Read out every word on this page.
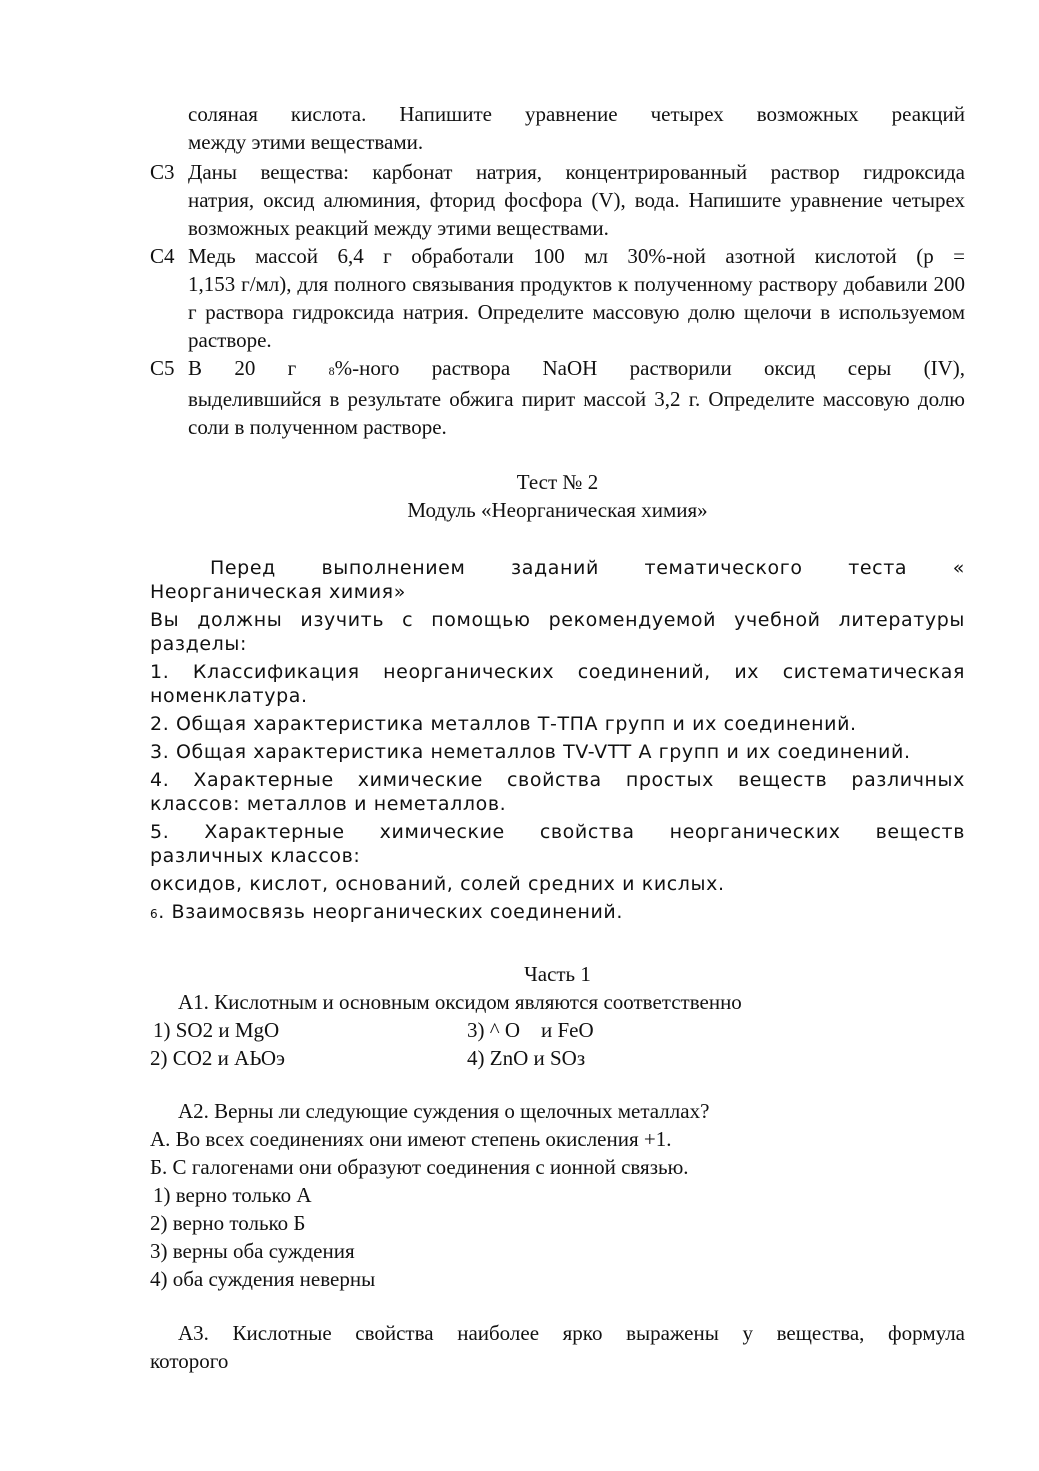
соляная кислота. Напишите уравнение четырех возможных реакций
между этими веществами.

C3 Даны вещества: карбонат натрия, концентрированный раствор гидроксида
натрия, оксид алюминия, фторид фосфора (V), вода. Напишите уравнение четырех возможных реакций между этими веществами.

C4 Медь массой 6,4 г обработали 100 мл 30%-ной азотной кислотой (р =
1,153 г/мл), для полного связывания продуктов к полученному раствору добавили 200 г раствора гидроксида натрия. Определите массовую долю щелочи в используемом растворе.

C5 В 20 г 8%-ного раствора NaOH растворили оксид серы (IV),
выделившийся в результате обжига пирит массой 3,2 г. Определите массовую долю соли в полученном растворе.

Тест № 2

Модуль «Неорганическая химия»

Перед выполнением заданий тематического теста «
Неорганическая химия»
Вы должны изучить с помощью рекомендуемой учебной литературы
разделы:
1. Классификация неорганических соединений, их систематическая
номенклатура.
2. Общая характеристика металлов Т-ТПА групп и их соединений.
3. Общая характеристика неметаллов TV-VTT А групп и их соединений.
4. Характерные химические свойства простых веществ различных
классов: металлов и неметаллов.
5. Характерные химические свойства неорганических веществ
различных классов:
оксидов, кислот, оснований, солей средних и кислых.
6. Взаимосвязь неорганических соединений.

Часть 1

А1. Кислотным и основным оксидом являются соответственно

1) SO2 и MgO

2) CO2 и АЬОэ

3) ^ О    и FeO

4) ZnO и SОз

А2. Верны ли следующие суждения о щелочных металлах?

А. Во всех соединениях они имеют степень окисления +1.

Б. С галогенами они образуют соединения с ионной связью.

1) верно только А

2) верно только Б

3) верны оба суждения

4) оба суждения неверны

А3. Кислотные свойства наиболее ярко выражены у вещества, формула
которого
